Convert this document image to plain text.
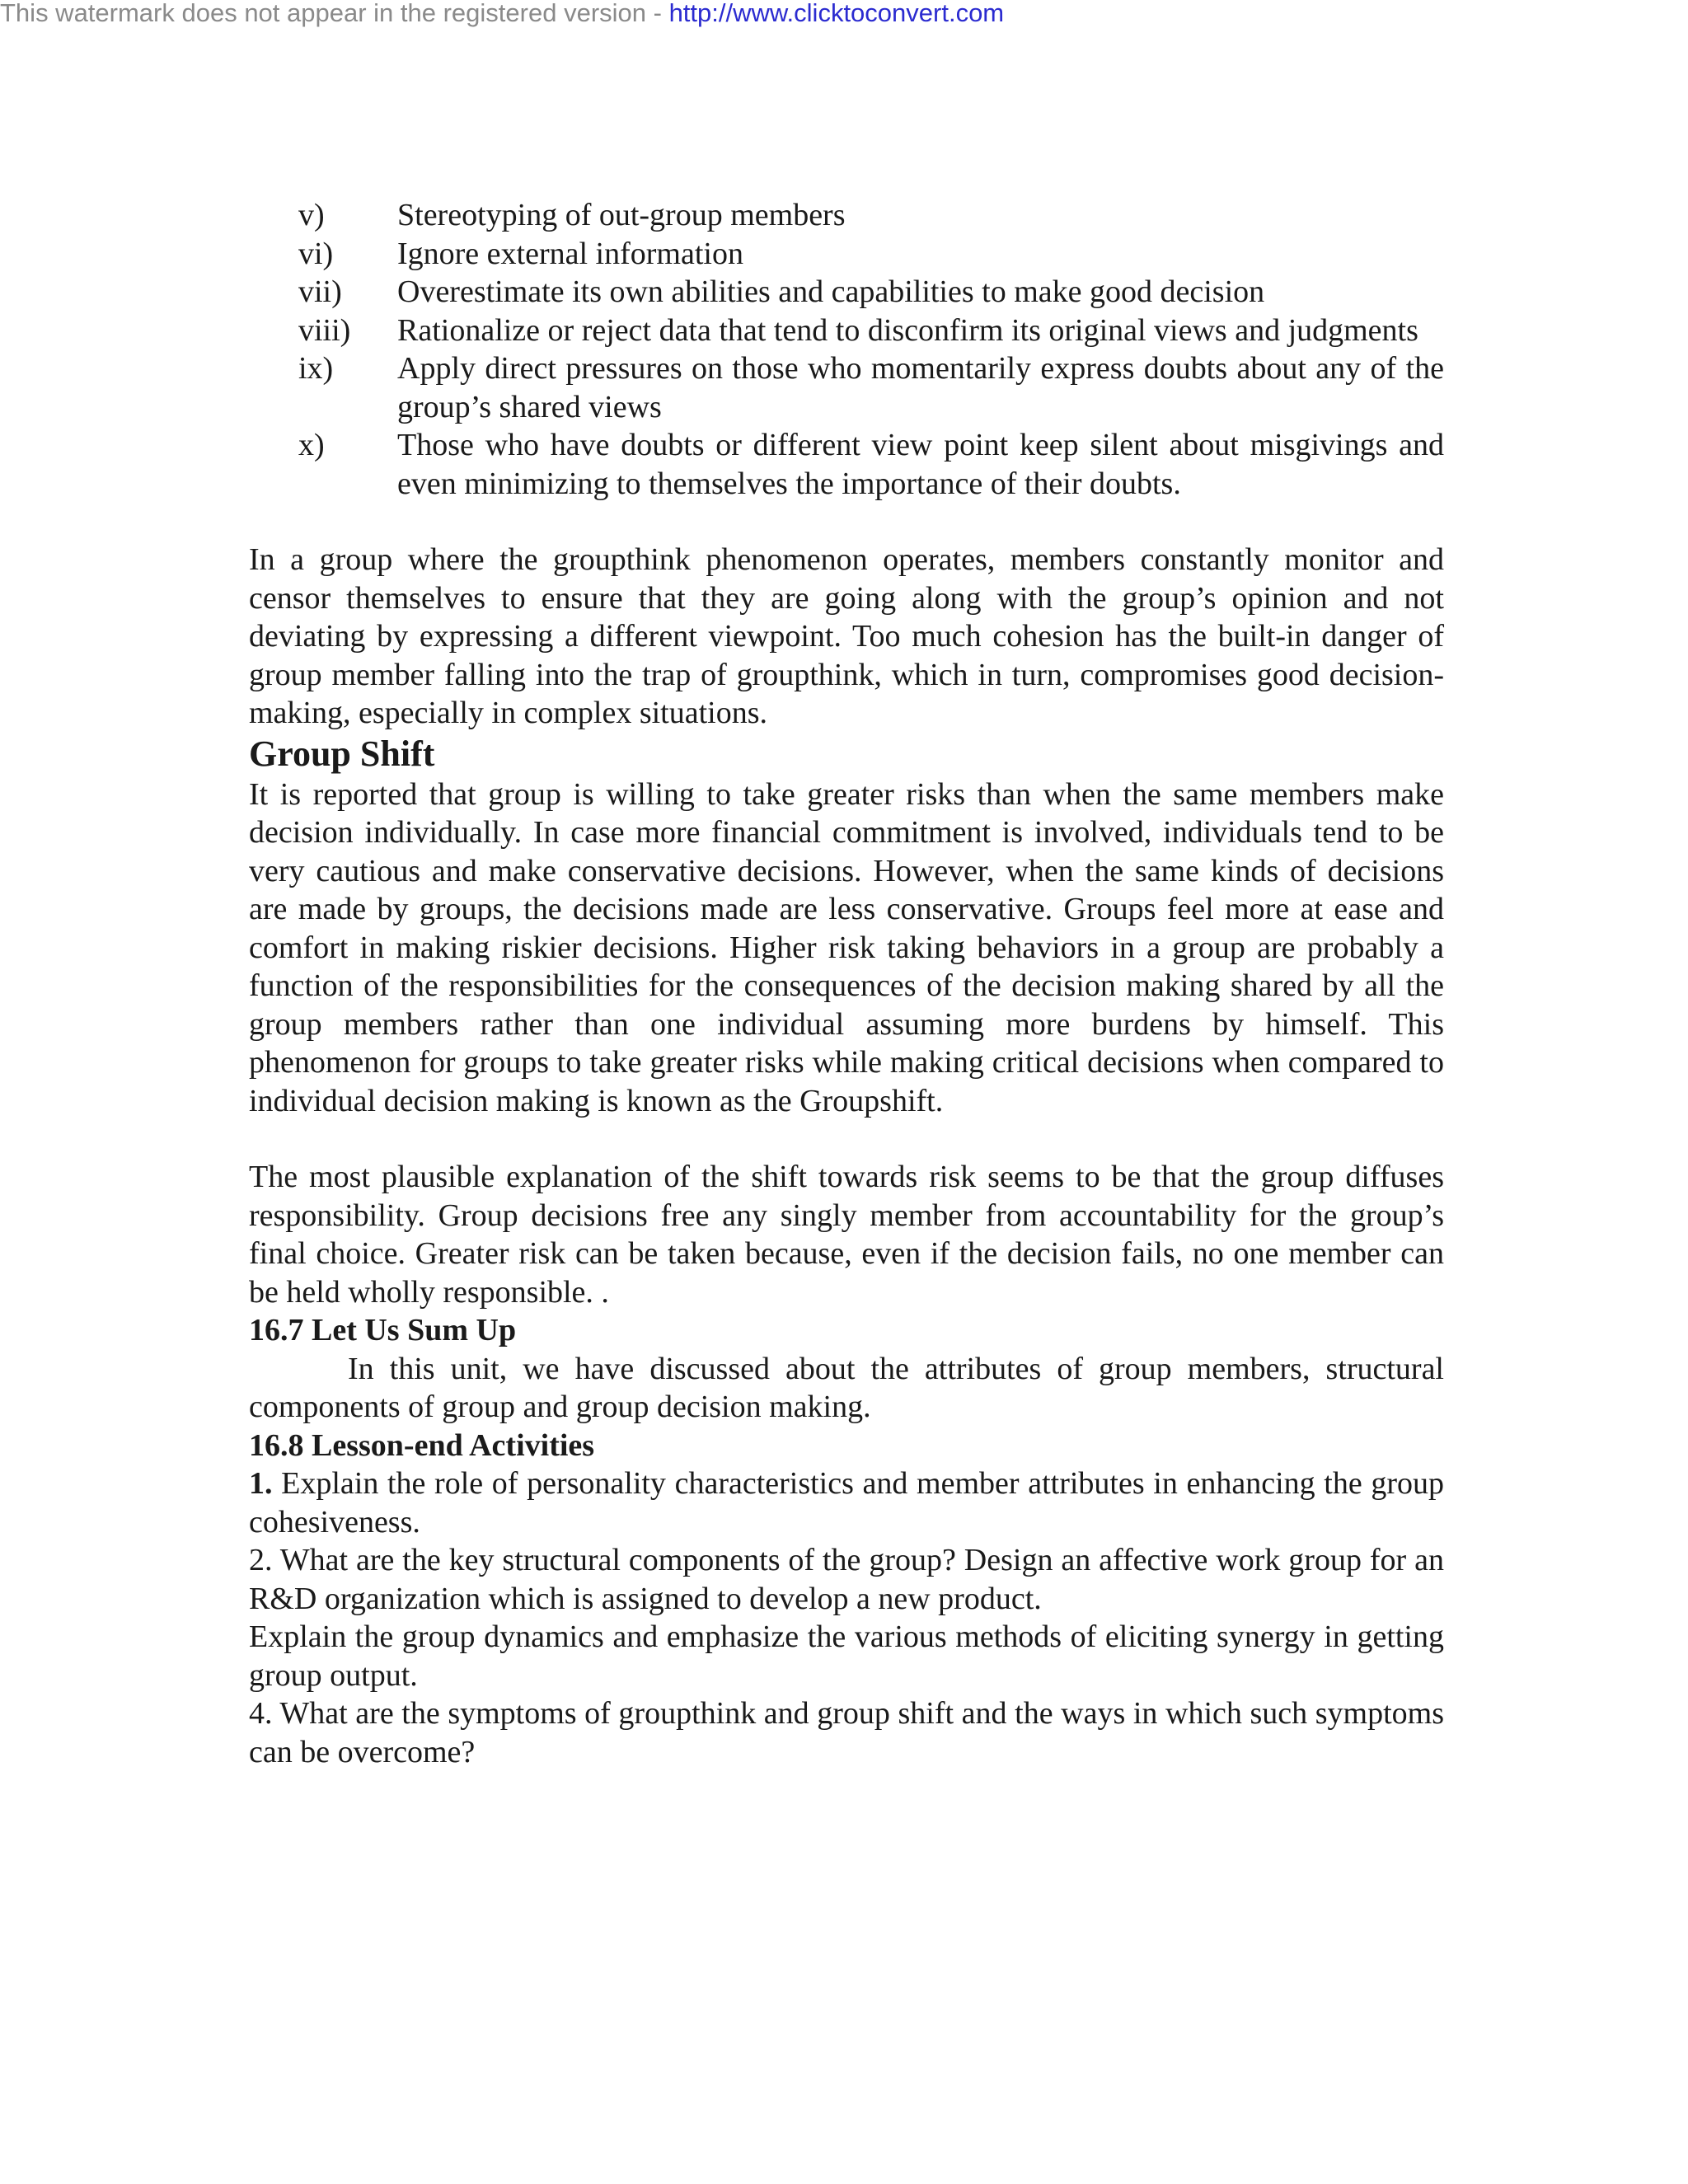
This watermark does not appear in the registered version - http://www.clicktoconvert.com
v)	Stereotyping of out-group members
vi)	Ignore external information
vii)	Overestimate its own abilities and capabilities to make good decision
viii)	Rationalize or reject data that tend to disconfirm its original views and judgments
ix)	Apply direct pressures on those who momentarily express doubts about any of the group’s shared views
x)	Those who have doubts or different view point keep silent about misgivings and even minimizing to themselves the importance of their doubts.

In a group where the groupthink phenomenon operates, members constantly monitor and censor themselves to ensure that they are going along with the group’s opinion and not deviating by expressing a different viewpoint. Too much cohesion has the built-in danger of group member falling into the trap of groupthink, which in turn, compromises good decision-making, especially in complex situations.

Group Shift

It is reported that group is willing to take greater risks than when the same members make decision individually. In case more financial commitment is involved, individuals tend to be very cautious and make conservative decisions. However, when the same kinds of decisions are made by groups, the decisions made are less conservative. Groups feel more at ease and comfort in making riskier decisions. Higher risk taking behaviors in a group are probably a function of the responsibilities for the consequences of the decision making shared by all the group members rather than one individual assuming more burdens by himself. This phenomenon for groups to take greater risks while making critical decisions when compared to individual decision making is known as the Groupshift.

The most plausible explanation of the shift towards risk seems to be that the group diffuses responsibility. Group decisions free any singly member from accountability for the group’s final choice. Greater risk can be taken because, even if the decision fails, no one member can be held wholly responsible. .

16.7 Let Us Sum Up

In this unit, we have discussed about the attributes of group members, structural components of group and group decision making.

16.8 Lesson-end Activities

1. Explain the role of personality characteristics and member attributes in enhancing the group cohesiveness.

2. What are the key structural components of the group? Design an affective work group for an R&D organization which is assigned to develop a new product.

Explain the group dynamics and emphasize the various methods of eliciting synergy in getting group output.

4. What are the symptoms of groupthink and group shift and the ways in which such symptoms can be overcome?
